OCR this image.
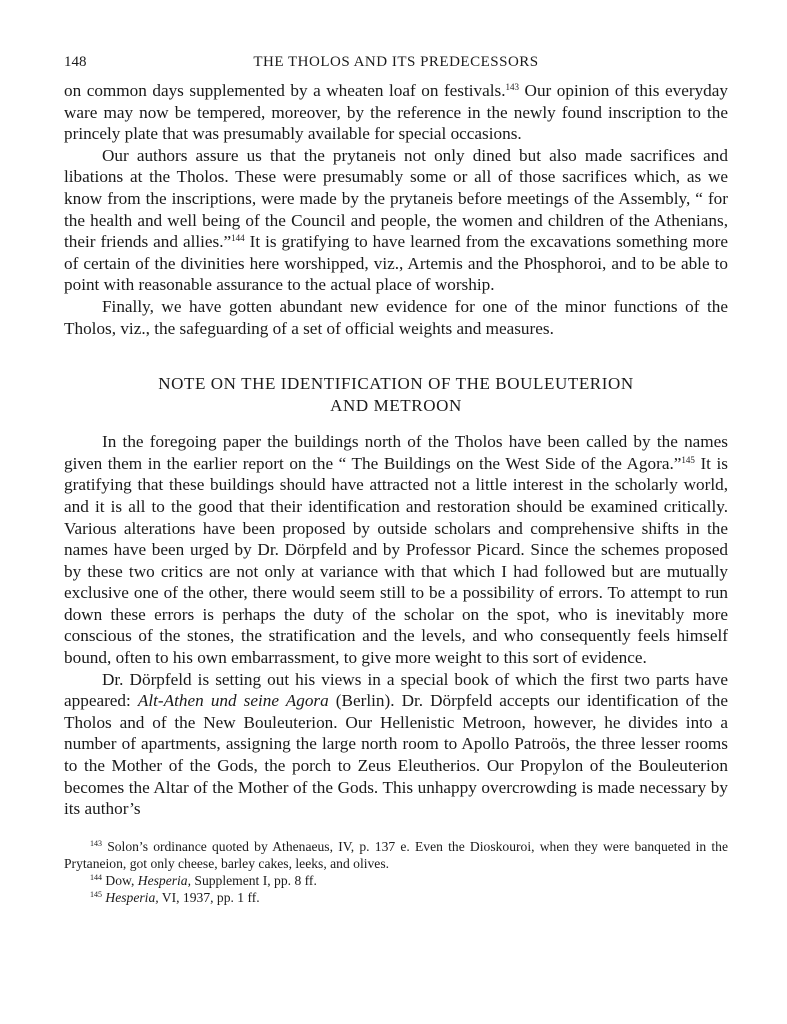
148	THE THOLOS AND ITS PREDECESSORS

on common days supplemented by a wheaten loaf on festivals.$^{143}$ Our opinion of this everyday ware may now be tempered, moreover, by the reference in the newly found inscription to the princely plate that was presumably available for special occasions.

Our authors assure us that the prytaneis not only dined but also made sacrifices and libations at the Tholos. These were presumably some or all of those sacrifices which, as we know from the inscriptions, were made by the prytaneis before meetings of the Assembly, “ for the health and well being of the Council and people, the women and children of the Athenians, their friends and allies.”$^{144}$ It is gratifying to have learned from the excavations something more of certain of the divinities here worshipped, viz., Artemis and the Phosphoroi, and to be able to point with reasonable assurance to the actual place of worship.

Finally, we have gotten abundant new evidence for one of the minor functions of the Tholos, viz., the safeguarding of a set of official weights and measures.

NOTE ON THE IDENTIFICATION OF THE BOULEUTERION
AND METROON

In the foregoing paper the buildings north of the Tholos have been called by the names given them in the earlier report on the “ The Buildings on the West Side of the Agora.”$^{145}$ It is gratifying that these buildings should have attracted not a little interest in the scholarly world, and it is all to the good that their identification and restoration should be examined critically. Various alterations have been proposed by outside scholars and comprehensive shifts in the names have been urged by Dr. Dörpfeld and by Professor Picard. Since the schemes proposed by these two critics are not only at variance with that which I had followed but are mutually exclusive one of the other, there would seem still to be a possibility of errors. To attempt to run down these errors is perhaps the duty of the scholar on the spot, who is inevitably more conscious of the stones, the stratification and the levels, and who consequently feels himself bound, often to his own embarrassment, to give more weight to this sort of evidence.

Dr. Dörpfeld is setting out his views in a special book of which the first two parts have appeared: Alt-Athen und seine Agora (Berlin). Dr. Dörpfeld accepts our identification of the Tholos and of the New Bouleuterion. Our Hellenistic Metroon, however, he divides into a number of apartments, assigning the large north room to Apollo Patroös, the three lesser rooms to the Mother of the Gods, the porch to Zeus Eleutherios. Our Propylon of the Bouleuterion becomes the Altar of the Mother of the Gods. This unhappy overcrowding is made necessary by its author’s

$^{143}$ Solon’s ordinance quoted by Athenaeus, IV, p. 137 e. Even the Dioskouroi, when they were banqueted in the Prytaneion, got only cheese, barley cakes, leeks, and olives.

$^{144}$ Dow, Hesperia, Supplement I, pp. 8 ff.

$^{145}$ Hesperia, VI, 1937, pp. 1 ff.
